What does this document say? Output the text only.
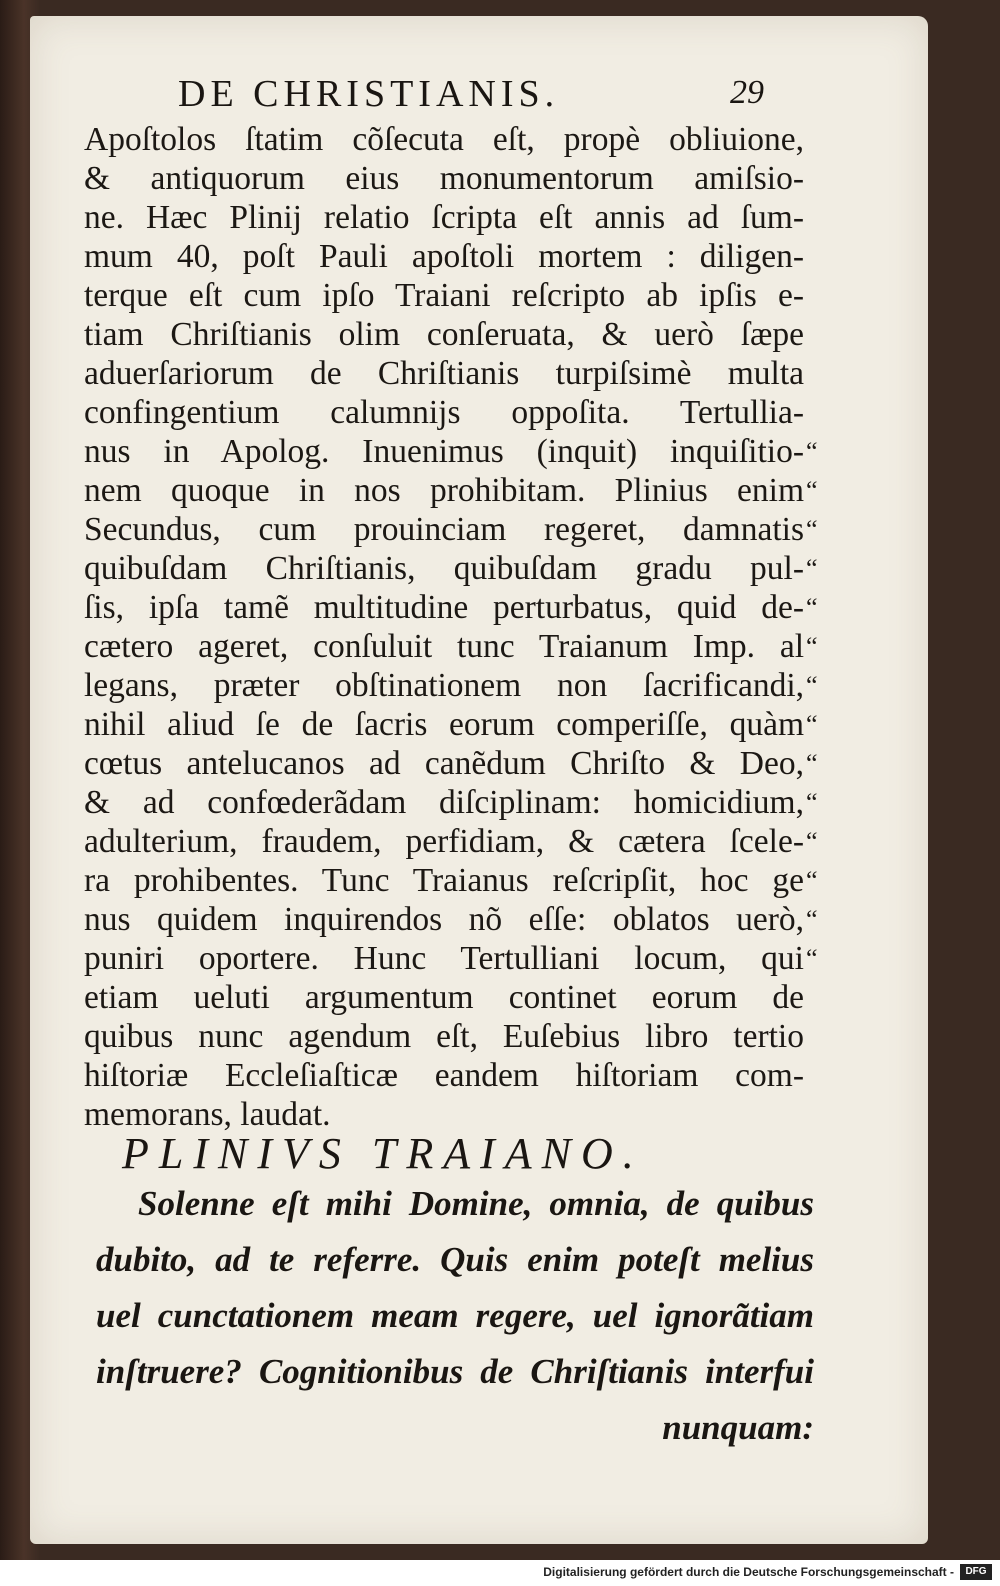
DE CHRISTIANIS.	29
Apoſtolos ſtatim cõſecuta eſt, propè obliuione,
& antiquorum eius monumentorum amiſsio-
ne. Hæc Plinij relatio ſcripta eſt annis ad ſum-
mum 40, poſt Pauli apoſtoli mortem : diligen-
terque eſt cum ipſo Traiani reſcripto ab ipſis e-
tiam Chriſtianis olim conſeruata, & uerò ſæpe
aduerſariorum de Chriſtianis turpiſsimè multa
confingentium calumnijs oppoſita. Tertullia-
nus in Apolog. Inuenimus (inquit) inquiſitio-
nem quoque in nos prohibitam. Plinius enim
Secundus, cum prouinciam regeret, damnatis
quibuſdam Chriſtianis, quibuſdam gradu pul-
ſis, ipſa tamẽ multitudine perturbatus, quid de-
cætero ageret, conſuluit tunc Traianum Imp. al
legans, præter obſtinationem non ſacrificandi,
nihil aliud ſe de ſacris eorum comperiſſe, quàm
cœtus antelucanos ad canẽdum Chriſto & Deo,
& ad confœderãdam diſciplinam: homicidium,
adulterium, fraudem, perfidiam, & cætera ſcele-
ra prohibentes. Tunc Traianus reſcripſit, hoc ge
nus quidem inquirendos nõ eſſe: oblatos uerò,
puniri oportere. Hunc Tertulliani locum, qui
etiam ueluti argumentum continet eorum de
quibus nunc agendum eſt, Euſebius libro tertio
hiſtoriæ Eccleſiaſticæ eandem hiſtoriam com-
memorans, laudat.
“
“
“
“
“
“
“
“
“
“
“
“
“
“
PLINIVS TRAIANO.
Solenne eſt mihi Domine, omnia, de quibus
dubito, ad te referre. Quis enim poteſt melius
uel cunctationem meam regere, uel ignorãtiam
inſtruere? Cognitionibus de Chriſtianis interfui
nunquam:
Digitalisierung gefördert durch die Deutsche Forschungsgemeinschaft -	DFG
